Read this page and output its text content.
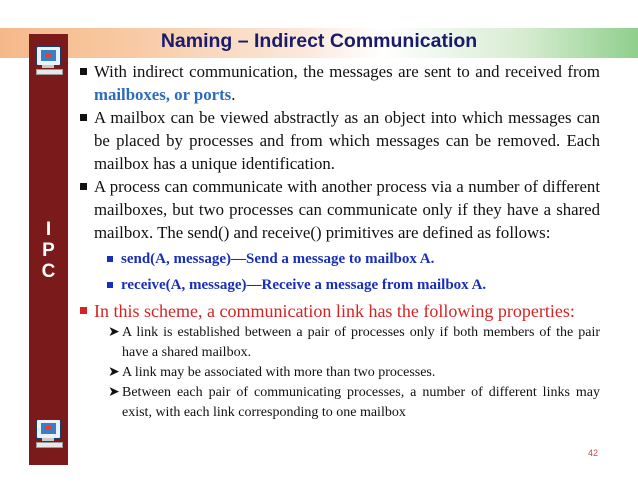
Naming – Indirect Communication
I
P
C
With indirect communication, the messages are sent to and received from mailboxes, or ports.
A mailbox can be viewed abstractly as an object into which messages can be placed by processes and from which messages can be removed. Each mailbox has a unique identification.
A process can communicate with another process via a number of different mailboxes, but two processes can communicate only if they have a shared mailbox. The send() and receive() primitives are defined as follows:
send(A, message)—Send a message to mailbox A.
receive(A, message)—Receive a message from mailbox A.
In this scheme, a communication link has the following properties:
➤ A link is established between a pair of processes only if both members of the pair have a shared mailbox.
➤ A link may be associated with more than two processes.
➤ Between each pair of communicating processes, a number of different links may exist, with each link corresponding to one mailbox
42
